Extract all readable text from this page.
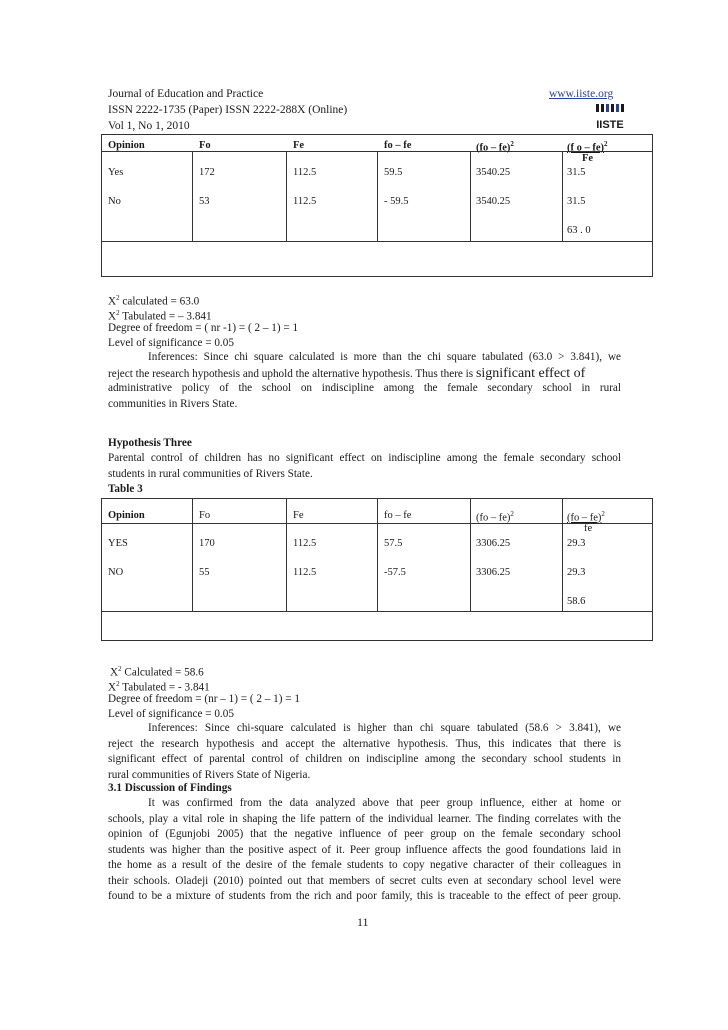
Journal of Education and Practice	www.iiste.org
ISSN 2222-1735 (Paper) ISSN 2222-288X (Online)
Vol 1, No 1, 2010	IISTE
Opinion	Fo	Fe	fo – fe	(fo – fe)$^2$	(f o – fe)$^2$
Fe
Yes	172	112.5	59.5	3540.25	31.5
No	53	112.5	- 59.5	3540.25	31.5
63 . 0
$X^2$ calculated = 63.0
$X^2$ Tabulated = – 3.841
Degree of freedom = ( nr -1) = ( 2 – 1) = 1
Level of significance = 0.05
Inferences: Since chi square calculated is more than the chi square tabulated (63.0 > 3.841), we
reject the research hypothesis and uphold the alternative hypothesis. Thus there is significant effect of
administrative policy of the school on indiscipline among the female secondary school in rural
communities in Rivers State.
Hypothesis Three
Parental control of children has no significant effect on indiscipline among the female secondary school
students in rural communities of Rivers State.
Table 3
Opinion	Fo	Fe	fo – fe	(fo – fe)$^2$	(fo – fe)$^2$
fe
YES	170	112.5	57.5	3306.25	29.3
NO	55	112.5	-57.5	3306.25	29.3
58.6
$X^2$ Calculated = 58.6
$X^2$ Tabulated = - 3.841
Degree of freedom = (nr – 1) = ( 2 – 1) = 1
Level of significance = 0.05
Inferences: Since chi-square calculated is higher than chi square tabulated (58.6 > 3.841), we
reject the research hypothesis and accept the alternative hypothesis. Thus, this indicates that there is
significant effect of parental control of children on indiscipline among the secondary school students in
rural communities of Rivers State of Nigeria.
3.1 Discussion of Findings
It was confirmed from the data analyzed above that peer group influence, either at home or
schools, play a vital role in shaping the life pattern of the individual learner. The finding correlates with the
opinion of (Egunjobi 2005) that the negative influence of peer group on the female secondary school
students was higher than the positive aspect of it. Peer group influence affects the good foundations laid in
the home as a result of the desire of the female students to copy negative character of their colleagues in
their schools. Oladeji (2010) pointed out that members of secret cults even at secondary school level were
found to be a mixture of students from the rich and poor family, this is traceable to the effect of peer group.
11
